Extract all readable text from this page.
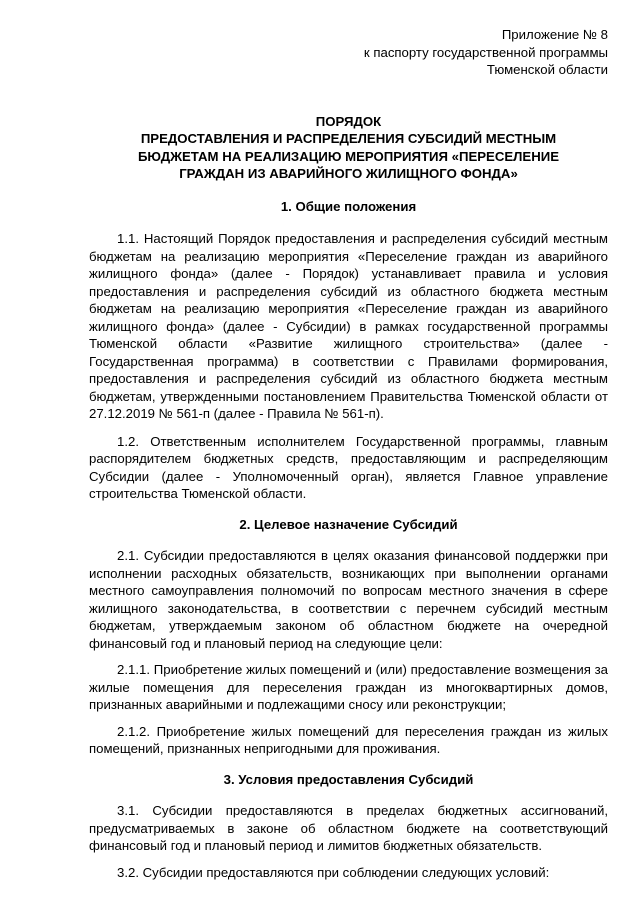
Приложение № 8
к паспорту государственной программы
Тюменской области
ПОРЯДОК
ПРЕДОСТАВЛЕНИЯ И РАСПРЕДЕЛЕНИЯ СУБСИДИЙ МЕСТНЫМ
БЮДЖЕТАМ НА РЕАЛИЗАЦИЮ МЕРОПРИЯТИЯ «ПЕРЕСЕЛЕНИЕ
ГРАЖДАН ИЗ АВАРИЙНОГО ЖИЛИЩНОГО ФОНДА»
1. Общие положения

1.1. Настоящий Порядок предоставления и распределения субсидий местным бюджетам на реализацию мероприятия «Переселение граждан из аварийного жилищного фонда» (далее - Порядок) устанавливает правила и условия предоставления и распределения субсидий из областного бюджета местным бюджетам на реализацию мероприятия «Переселение граждан из аварийного жилищного фонда» (далее - Субсидии) в рамках государственной программы Тюменской области «Развитие жилищного строительства» (далее - Государственная программа) в соответствии с Правилами формирования, предоставления и распределения субсидий из областного бюджета местным бюджетам, утвержденными постановлением Правительства Тюменской области от 27.12.2019 № 561-п (далее - Правила № 561-п).

1.2. Ответственным исполнителем Государственной программы, главным распорядителем бюджетных средств, предоставляющим и распределяющим Субсидии (далее - Уполномоченный орган), является Главное управление строительства Тюменской области.

2. Целевое назначение Субсидий

2.1. Субсидии предоставляются в целях оказания финансовой поддержки при исполнении расходных обязательств, возникающих при выполнении органами местного самоуправления полномочий по вопросам местного значения в сфере жилищного законодательства, в соответствии с перечнем субсидий местным бюджетам, утверждаемым законом об областном бюджете на очередной финансовый год и плановый период на следующие цели:

2.1.1. Приобретение жилых помещений и (или) предоставление возмещения за жилые помещения для переселения граждан из многоквартирных домов, признанных аварийными и подлежащими сносу или реконструкции;

2.1.2. Приобретение жилых помещений для переселения граждан из жилых помещений, признанных непригодными для проживания.

3. Условия предоставления Субсидий

3.1. Субсидии предоставляются в пределах бюджетных ассигнований, предусматриваемых в законе об областном бюджете на соответствующий финансовый год и плановый период и лимитов бюджетных обязательств.

3.2. Субсидии предоставляются при соблюдении следующих условий:
